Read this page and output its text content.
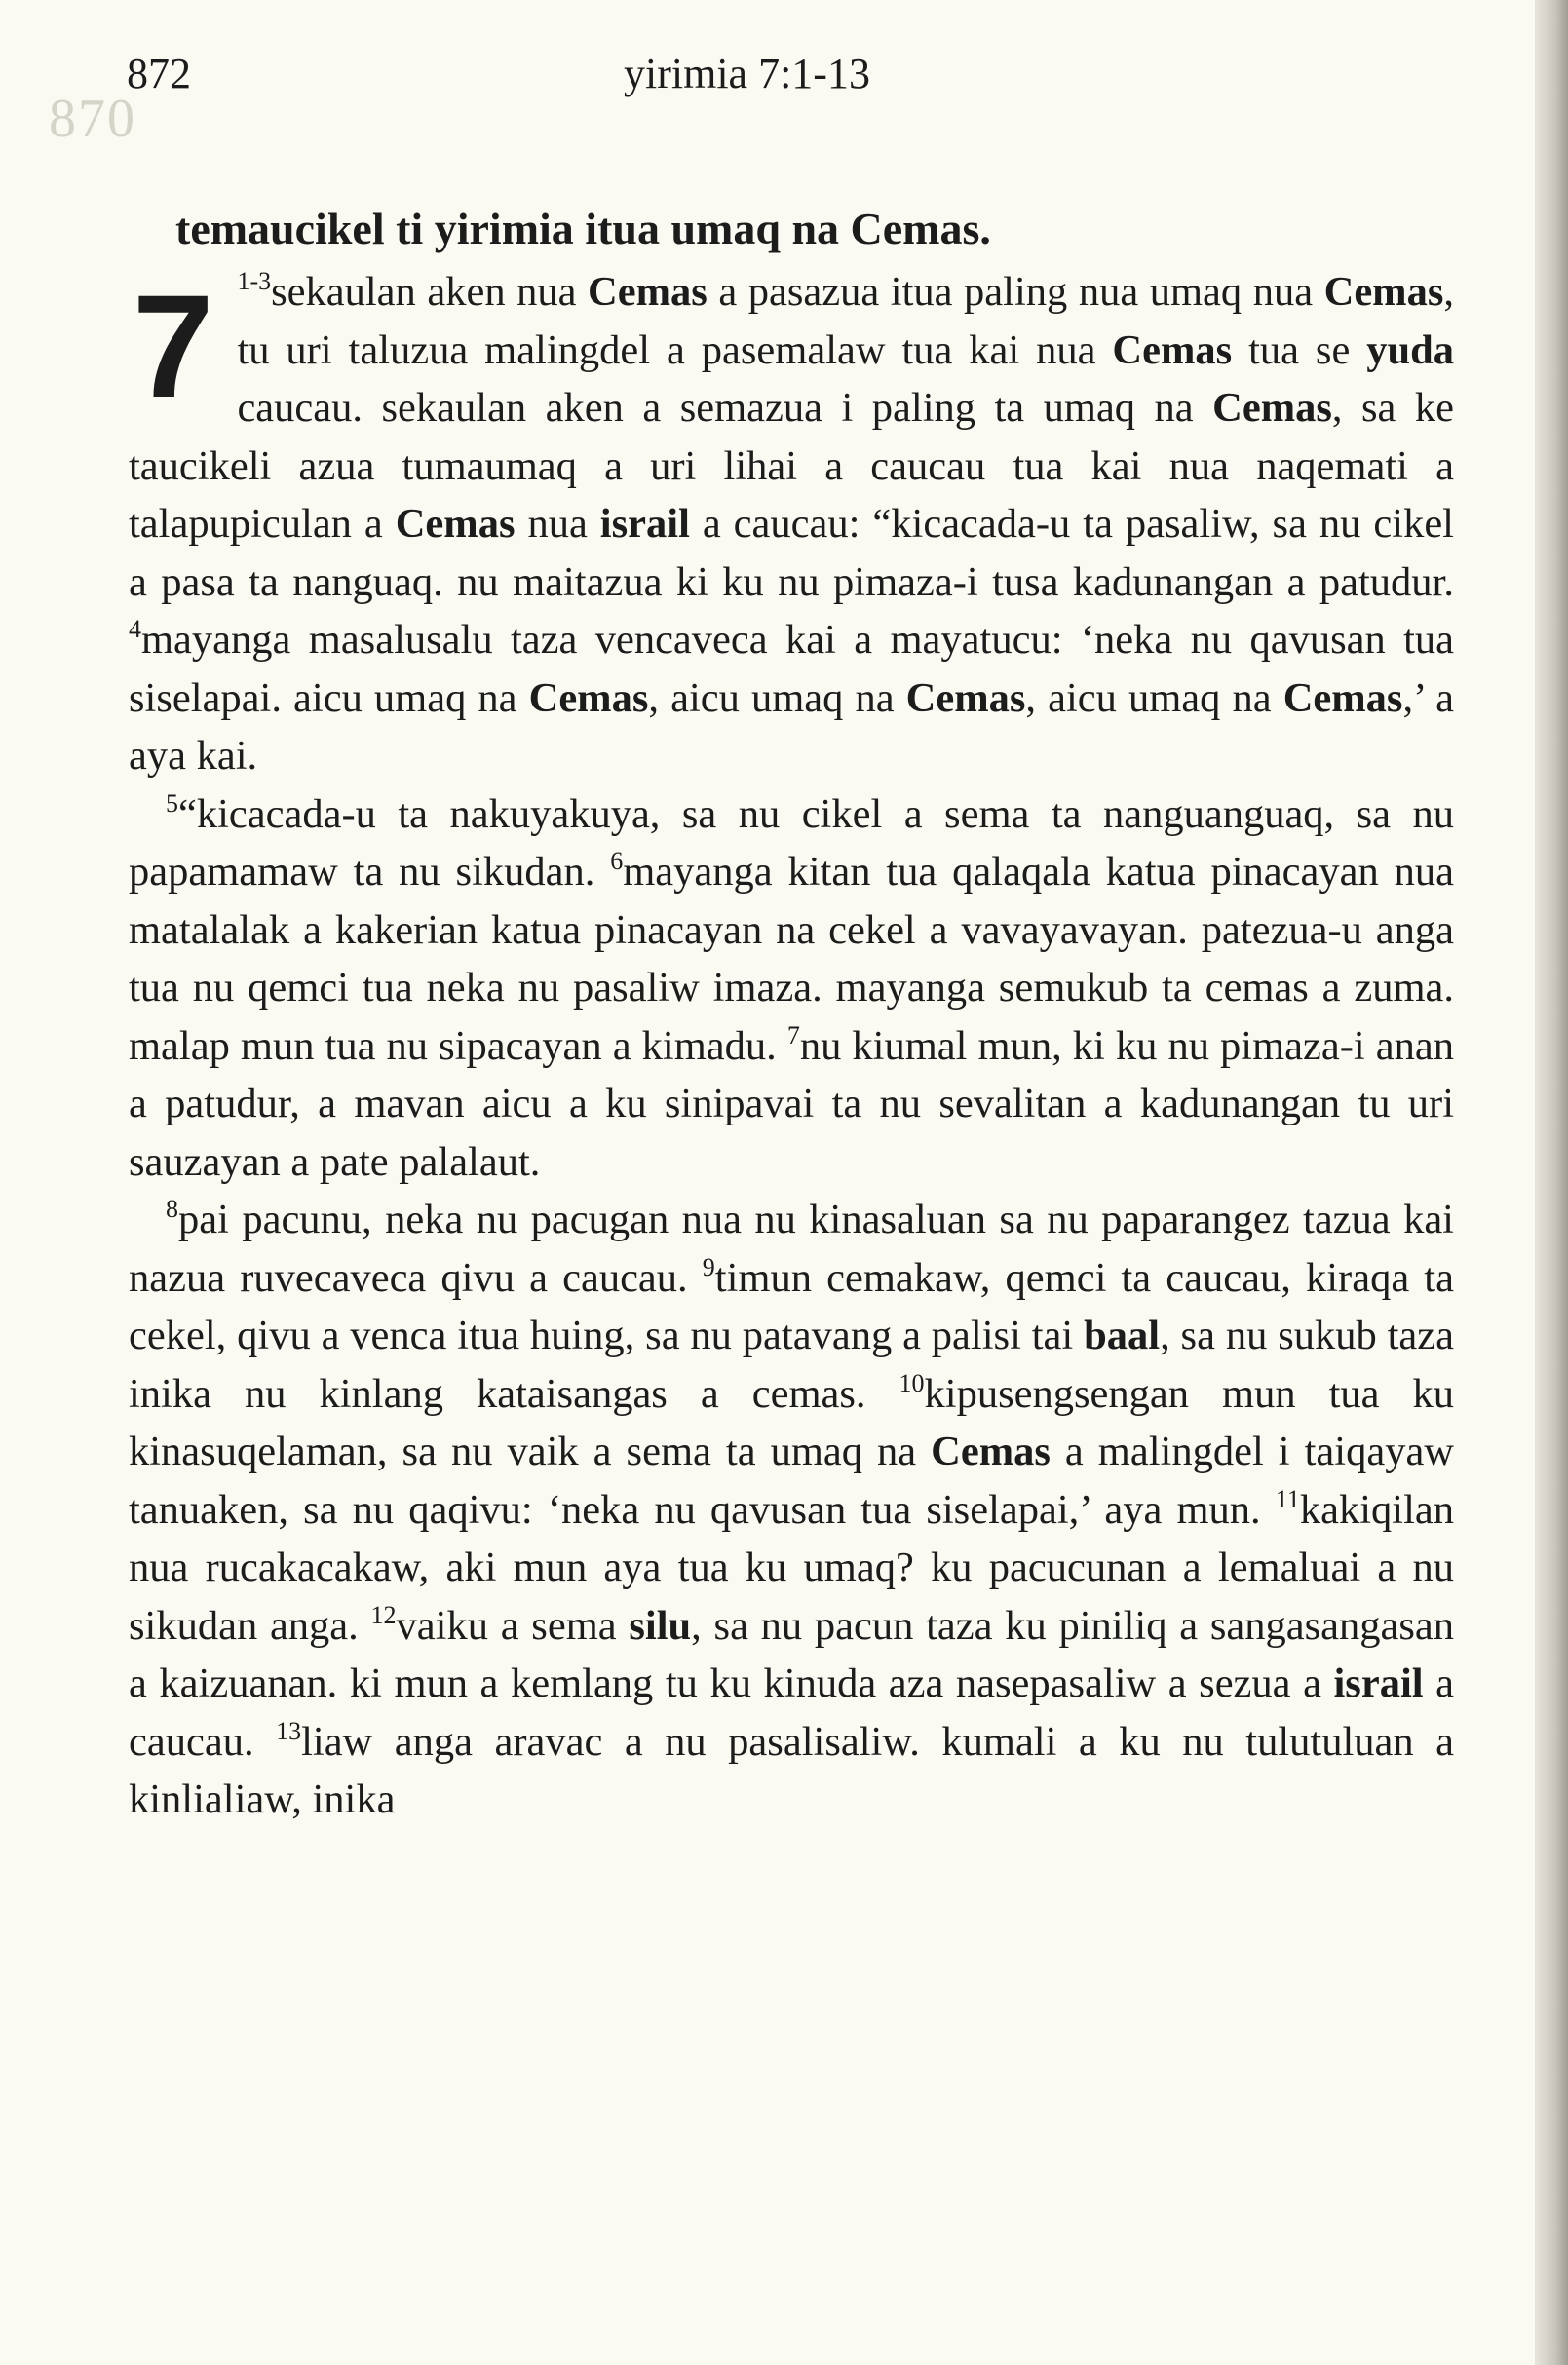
870
872	yirimia 7:1-13
temaucikel ti yirimia itua umaq na Cemas.
7 $^{1-3}$sekaulan aken nua Cemas a pasazua itua paling nua umaq nua Cemas, tu uri taluzua malingdel a pasemalaw tua kai nua Cemas tua se yuda caucau. sekaulan aken a semazua i paling ta umaq na Cemas, sa ke taucikeli azua tumaumaq a uri lihai a caucau tua kai nua naqemati a talapupiculan a Cemas nua israil a caucau: “kicacada-u ta pasaliw, sa nu cikel a pasa ta nanguaq. nu maitazua ki ku nu pimaza-i tusa kadunangan a patudur. $^4$mayanga masalusalu taza vencaveca kai a mayatucu: ‘neka nu qavusan tua siselapai. aicu umaq na Cemas, aicu umaq na Cemas, aicu umaq na Cemas,’ a aya kai.

$^5$“kicacada-u ta nakuyakuya, sa nu cikel a sema ta nanguanguaq, sa nu papamamaw ta nu sikudan. $^6$mayanga kitan tua qalaqala katua pinacayan nua matalalak a kakerian katua pinacayan na cekel a vavayavayan. patezua-u anga tua nu qemci tua neka nu pasaliw imaza. mayanga semukub ta cemas a zuma. malap mun tua nu sipacayan a kimadu. $^7$nu kiumal mun, ki ku nu pimaza-i anan a patudur, a mavan aicu a ku sinipavai ta nu sevalitan a kadunangan tu uri sauzayan a pate palalaut.

$^8$pai pacunu, neka nu pacugan nua nu kinasaluan sa nu paparangez tazua kai nazua ruvecaveca qivu a caucau. $^9$timun cemakaw, qemci ta caucau, kiraqa ta cekel, qivu a venca itua huing, sa nu patavang a palisi tai baal, sa nu sukub taza inika nu kinlang kataisangas a cemas. $^{10}$kipusengsengan mun tua ku kinasuqelaman, sa nu vaik a sema ta umaq na Cemas a malingdel i taiqayaw tanuaken, sa nu qaqivu: ‘neka nu qavusan tua siselapai,’ aya mun. $^{11}$kakiqilan nua rucakacakaw, aki mun aya tua ku umaq? ku pacucunan a lemaluai a nu sikudan anga. $^{12}$vaiku a sema silu, sa nu pacun taza ku piniliq a sangasangasan a kaizuanan. ki mun a kemlang tu ku kinuda aza nasepasaliw a sezua a israil a caucau. $^{13}$liaw anga aravac a nu pasalisaliw. kumali a ku nu tulutuluan a kinlialiaw, inika
